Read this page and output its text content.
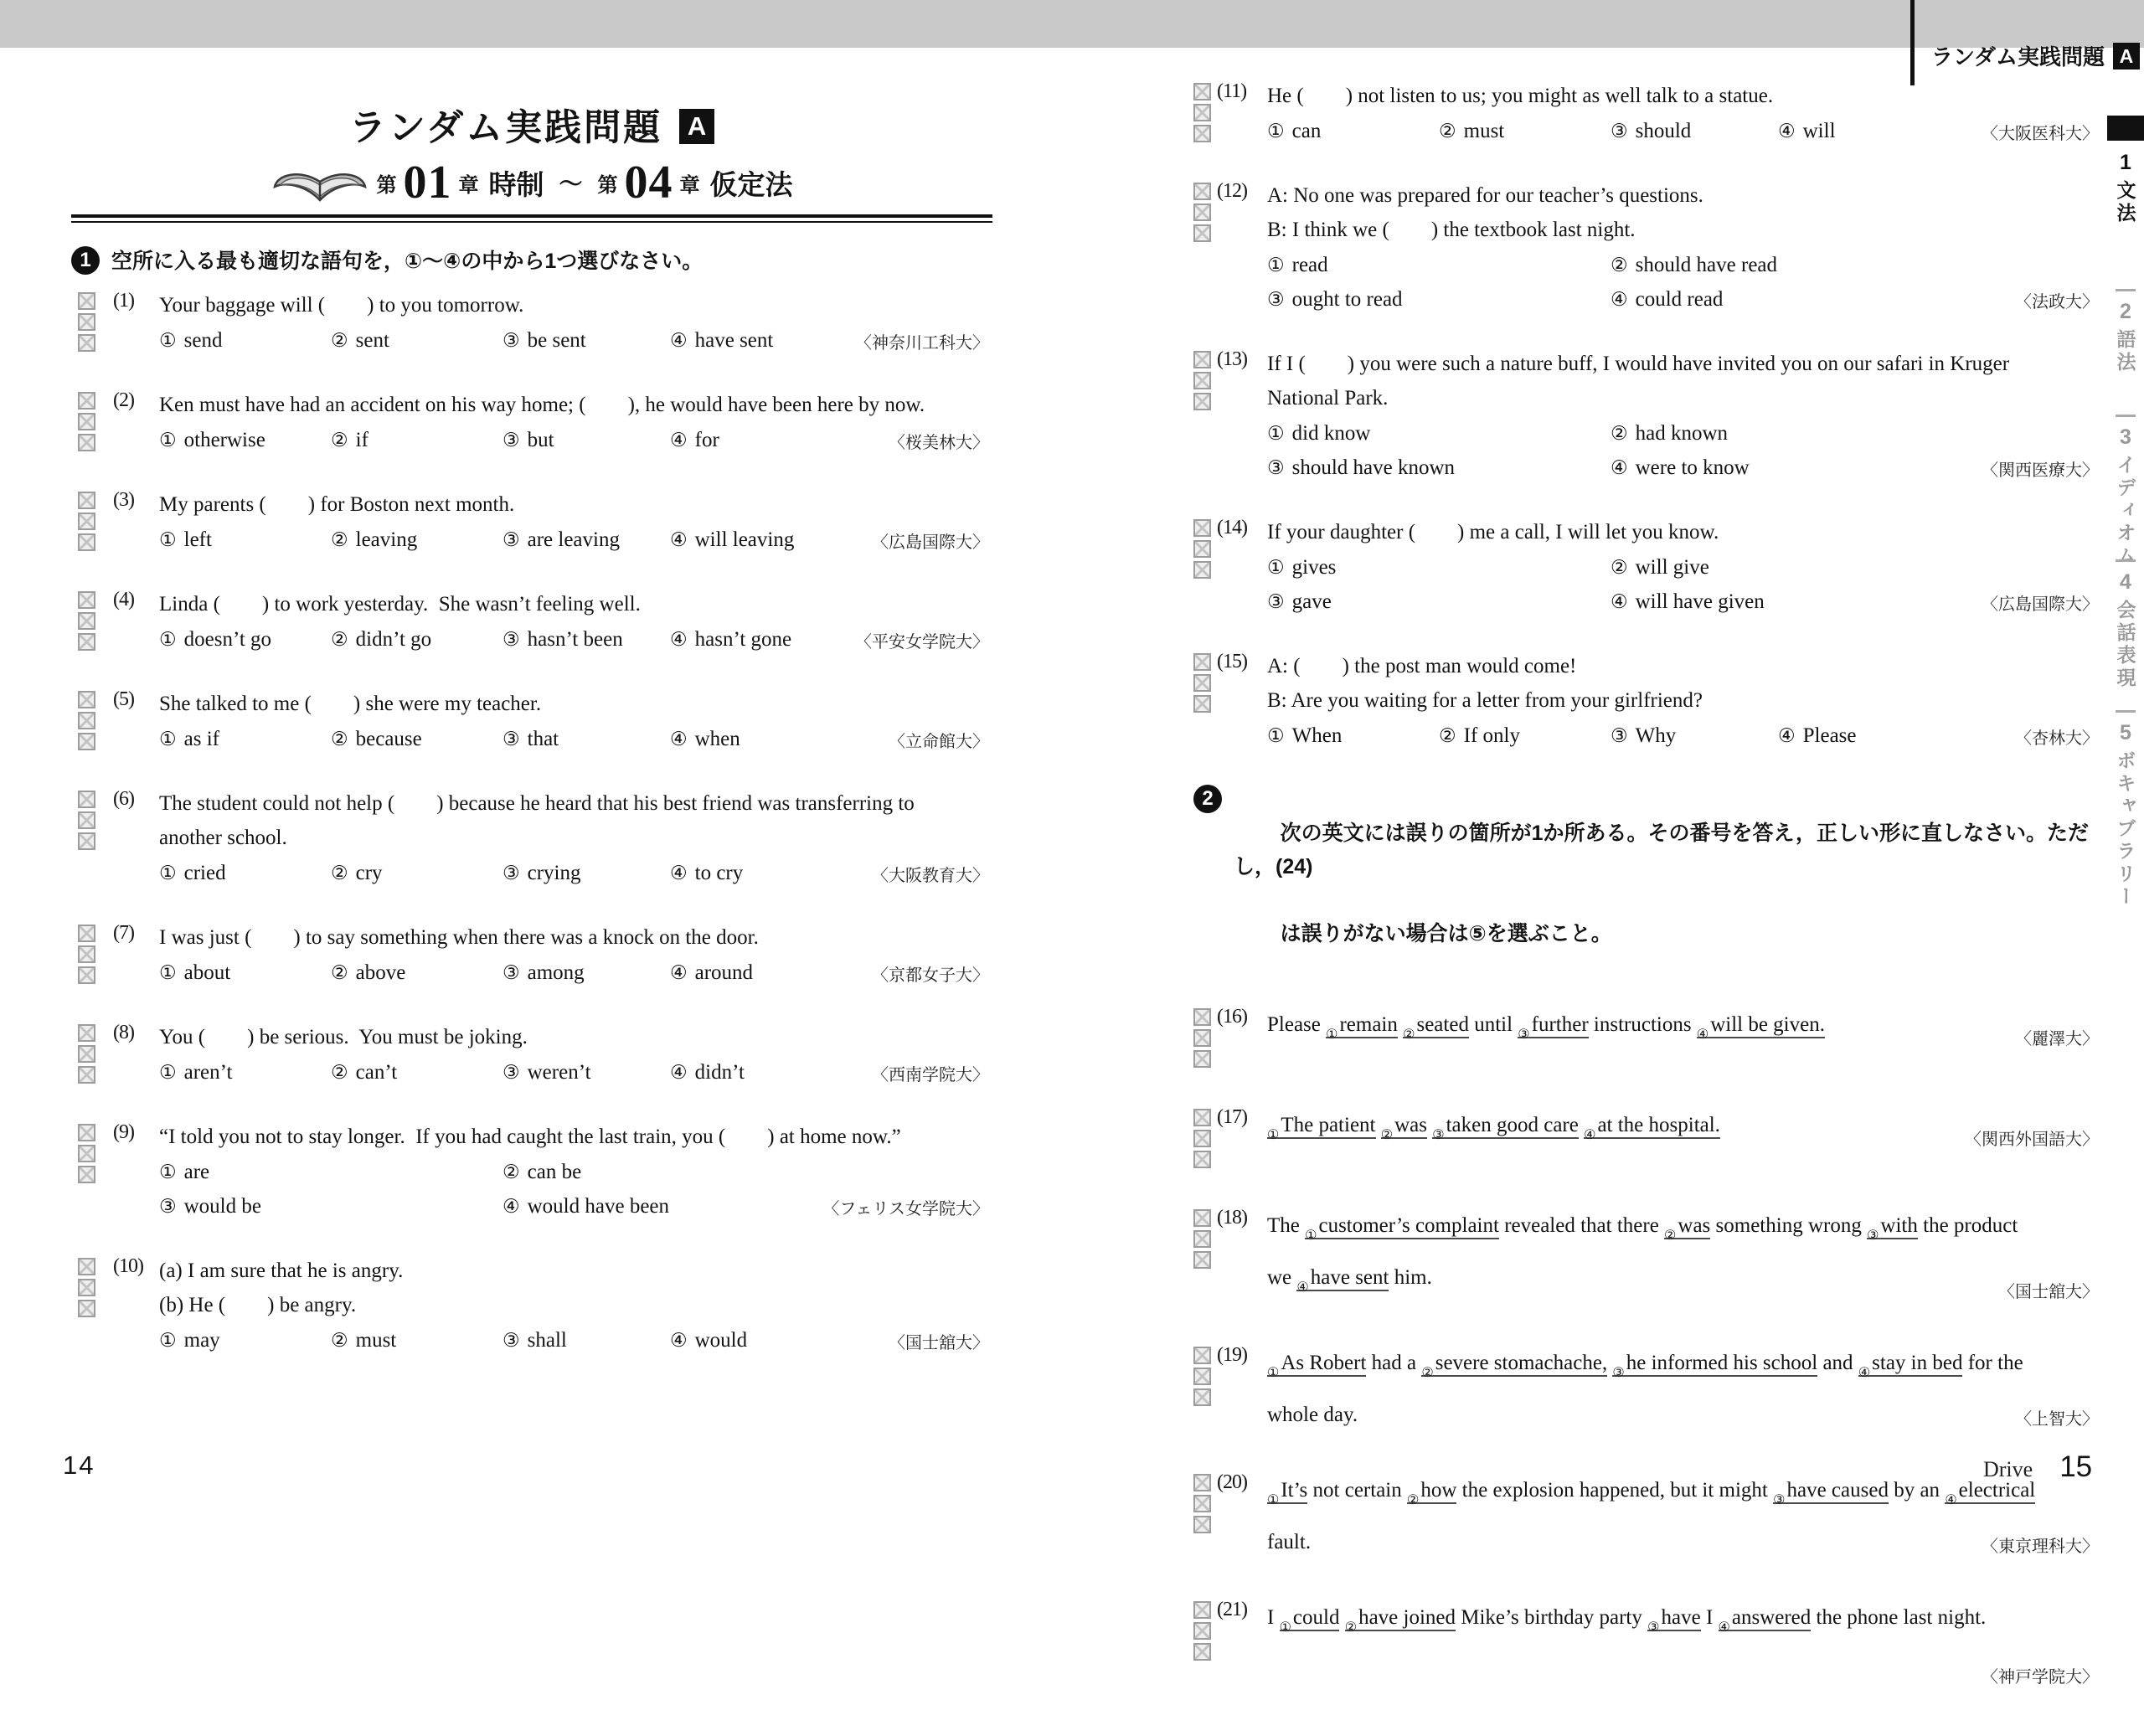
ランダム実践問題 A
1
文法
2
語法
3
イディオム
4
会話表現
5
ボキャブラリー
ランダム実践問題 A
第 01 章 時制 ～ 第 04 章 仮定法
1 空所に入る最も適切な語句を，①～④の中から1つ選びなさい。
(1) Your baggage will (  ) to you tomorrow.
① send	② sent	③ be sent	④ have sent	〈神奈川工科大〉
(2) Ken must have had an accident on his way home; (  ), he would have been here by now.
① otherwise	② if	③ but	④ for	〈桜美林大〉
(3) My parents (  ) for Boston next month.
① left	② leaving	③ are leaving	④ will leaving	〈広島国際大〉
(4) Linda (  ) to work yesterday.  She wasn’t feeling well.
① doesn’t go	② didn’t go	③ hasn’t been	④ hasn’t gone	〈平安女学院大〉
(5) She talked to me (  ) she were my teacher.
① as if	② because	③ that	④ when	〈立命館大〉
(6) The student could not help (  ) because he heard that his best friend was transferring to
another school.
① cried	② cry	③ crying	④ to cry	〈大阪教育大〉
(7) I was just (  ) to say something when there was a knock on the door.
① about	② above	③ among	④ around	〈京都女子大〉
(8) You (  ) be serious.  You must be joking.
① aren’t	② can’t	③ weren’t	④ didn’t	〈西南学院大〉
(9) “I told you not to stay longer.  If you had caught the last train, you (  ) at home now.”
① are	② can be
③ would be	④ would have been	〈フェリス女学院大〉
(10) (a) I am sure that he is angry.
(b) He (  ) be angry.
① may	② must	③ shall	④ would	〈国士舘大〉
(11) He (  ) not listen to us; you might as well talk to a statue.
① can	② must	③ should	④ will	〈大阪医科大〉
(12) A: No one was prepared for our teacher’s questions.
B: I think we (  ) the textbook last night.
① read	② should have read
③ ought to read	④ could read	〈法政大〉
(13) If I (  ) you were such a nature buff, I would have invited you on our safari in Kruger
National Park.
① did know	② had known
③ should have known	④ were to know	〈関西医療大〉
(14) If your daughter (  ) me a call, I will let you know.
① gives	② will give
③ gave	④ will have given	〈広島国際大〉
(15) A: (  ) the post man would come!
B: Are you waiting for a letter from your girlfriend?
① When	② If only	③ Why	④ Please	〈杏林大〉
2

次の英文には誤りの箇所が1か所ある。その番号を答え，正しい形に直しなさい。ただし，(24)

は誤りがない場合は⑤を選ぶこと。

(16) Please $_①$remain $_②$seated until $_③$further instructions $_④$will be given.
〈麗澤大〉
(17)
$_①$The patient $_②$was $_③$taken good care $_④$at the hospital.
〈関西外国語大〉
(18) The $_①$customer’s complaint revealed that there $_②$was something wrong $_③$with the product
we $_④$have sent him.
〈国士舘大〉
(19)
$_①$As Robert had a $_②$severe stomachache, $_③$he informed his school and $_④$stay in bed for the
whole day.	〈上智大〉
(20)
$_①$It’s not certain $_②$how the explosion happened, but it might $_③$have caused by an $_④$electrical
fault.	〈東京理科大〉
(21) I $_①$could $_②$have joined Mike’s birthday party $_③$have I $_④$answered the phone last night.
〈神戸学院大〉
14	Drive 15
